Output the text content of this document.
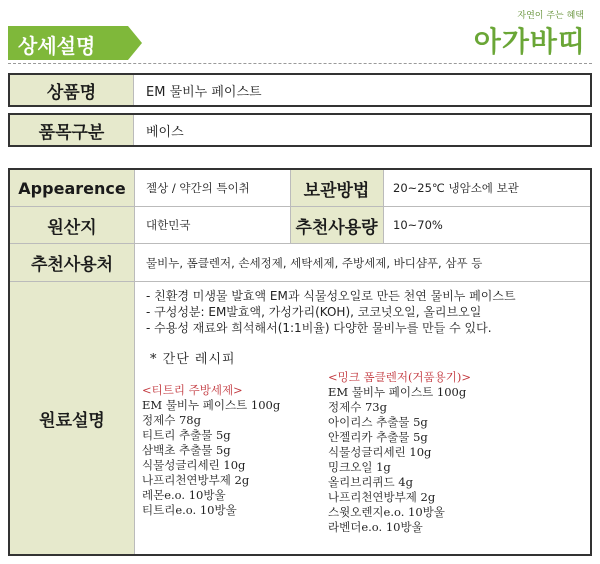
상세설명
자연이 주는 혜택
아가바띠
상품명	EM 물비누 페이스트
품목구분	베이스
Appearence	젤상 / 약간의 특이취	보관방법	20~25℃ 냉암소에 보관
원산지	대한민국	추천사용량	10~70%
추천사용처	물비누, 폼클렌저, 손세정제, 세탁세제, 주방세제, 바디샴푸, 삼푸 등
원료설명
- 친환경 미생물 발효액 EM과 식물성오일로 만든 천연 물비누 페이스트
- 구성성분: EM발효액, 가성가리(KOH), 코코넛오일, 올리브오일
- 수용성 재료와 희석해서(1:1비율) 다양한 물비누를 만들 수 있다.
* 간단 레시피
<티트리 주방세제>
EM 물비누 페이스트 100g
정제수 78g
티트리 추출물 5g
삼백초 추출물 5g
식물성글리세린 10g
나프리천연방부제 2g
레몬e.o. 10방울
티트리e.o. 10방울
<밍크 폼클렌저(거품용기)>
EM 물비누 페이스트 100g
정제수 73g
아이리스 추출물 5g
안젤리카 추출물 5g
식물성글리세린 10g
밍크오일 1g
올리브리퀴드 4g
나프리천연방부제 2g
스윗오렌지e.o. 10방울
라벤더e.o. 10방울
